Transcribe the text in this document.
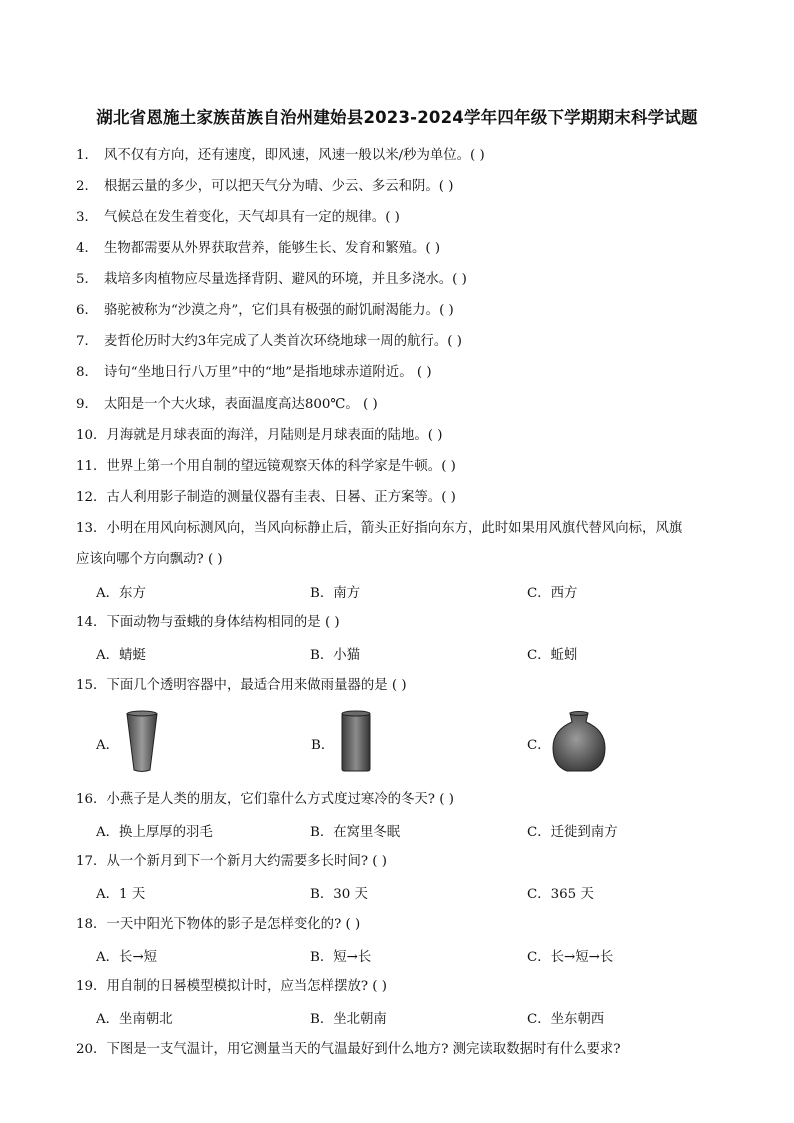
湖北省恩施土家族苗族自治州建始县2023-2024学年四年级下学期期末科学试题
1． 风不仅有方向，还有速度，即风速，风速一般以米/秒为单位。( )
2． 根据云量的多少，可以把天气分为晴、少云、多云和阴。( )
3． 气候总在发生着变化，天气却具有一定的规律。( )
4． 生物都需要从外界获取营养，能够生长、发育和繁殖。( )
5． 栽培多肉植物应尽量选择背阴、避风的环境，并且多浇水。( )
6． 骆驼被称为“沙漠之舟”，它们具有极强的耐饥耐渴能力。( )
7． 麦哲伦历时大约3年完成了人类首次环绕地球一周的航行。( )
8． 诗句“坐地日行八万里”中的“地”是指地球赤道附近。 ( )
9． 太阳是一个大火球，表面温度高达800℃。 ( )
10．月海就是月球表面的海洋，月陆则是月球表面的陆地。( )
11．世界上第一个用自制的望远镜观察天体的科学家是牛顿。( )
12．古人利用影子制造的测量仪器有圭表、日晷、正方案等。( )
13．小明在用风向标测风向，当风向标静止后，箭头正好指向东方，此时如果用风旗代替风向标，风旗
应该向哪个方向飘动? ( )
A．东方	B．南方	C．西方
14．下面动物与蚕蛾的身体结构相同的是 ( )
A．蜻蜓	B．小猫	C．蚯蚓
15．下面几个透明容器中，最适合用来做雨量器的是 ( )
A．	B．	C．
16．小燕子是人类的朋友，它们靠什么方式度过寒冷的冬天? ( )
A．换上厚厚的羽毛	B．在窝里冬眠	C．迁徙到南方
17．从一个新月到下一个新月大约需要多长时间? ( )
A．1 天	B．30 天	C．365 天
18．一天中阳光下物体的影子是怎样变化的? ( )
A．长→短	B．短→长	C．长→短→长
19．用自制的日晷模型模拟计时，应当怎样摆放? ( )
A．坐南朝北	B．坐北朝南	C．坐东朝西
20．下图是一支气温计，用它测量当天的气温最好到什么地方? 测完读取数据时有什么要求?
